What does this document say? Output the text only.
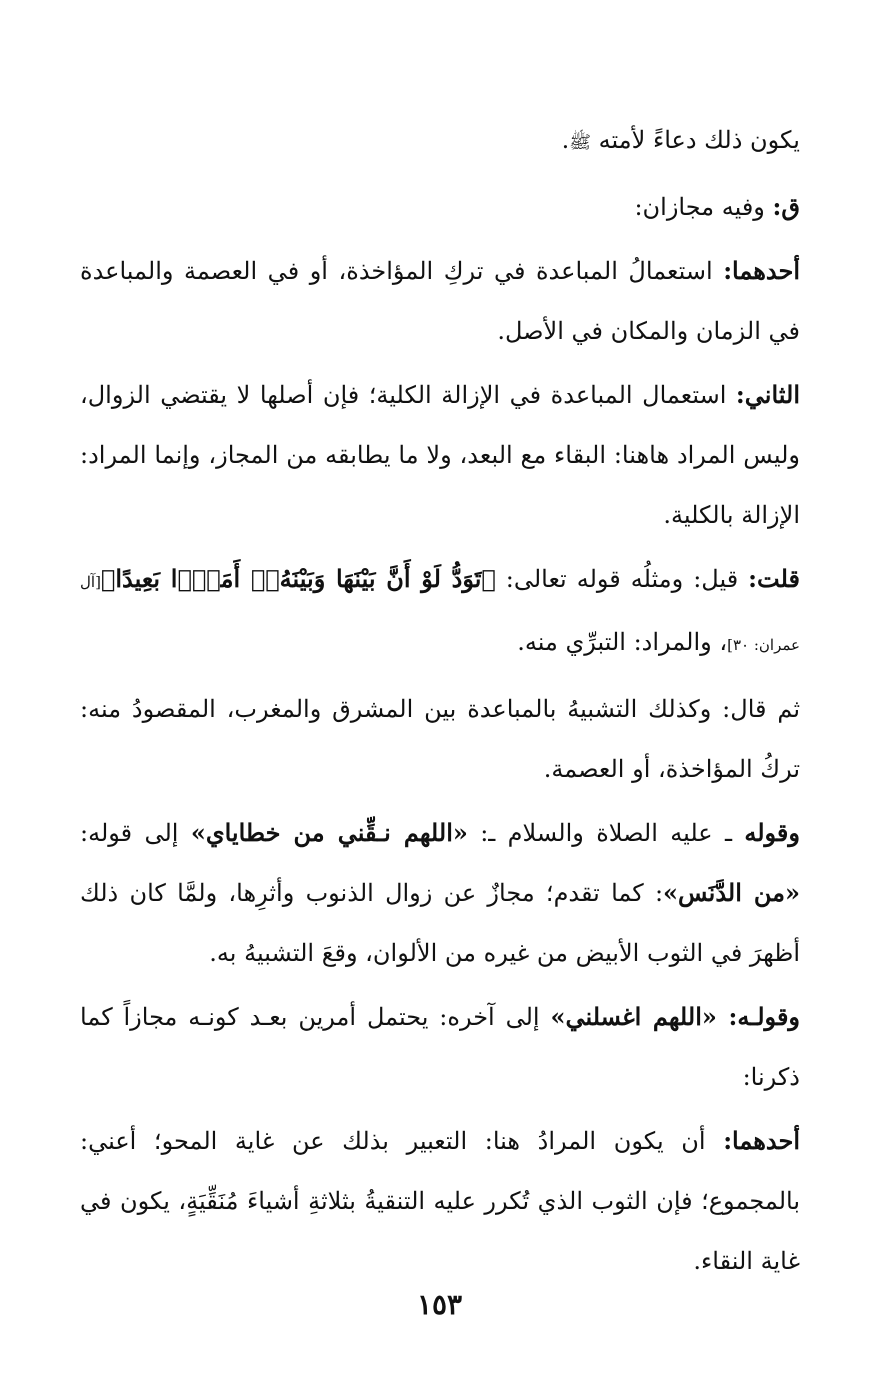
يكون ذلك دعاءً لأمته ﷺ.

ق: وفيه مجازان:

أحدهما: استعمالُ المباعدة في تركِ المؤاخذة، أو في العصمة والمباعدة في الزمان والمكان في الأصل.

الثاني: استعمال المباعدة في الإزالة الكلية؛ فإن أصلها لا يقتضي الزوال، وليس المراد هاهنا: البقاء مع البعد، ولا ما يطابقه من المجاز، وإنما المراد: الإزالة بالكلية.

قلت: قيل: ومثلُه قوله تعالى: ﴿تَوَدُّ لَوْ أَنَّ بَيْنَهَا وَبَيْنَهُۥٓ أَمَدًۢا بَعِيدًا﴾[آل عمران: ٣٠]، والمراد: التبرِّي منه.

ثم قال: وكذلك التشبيهُ بالمباعدة بين المشرق والمغرب، المقصودُ منه: تركُ المؤاخذة، أو العصمة.

وقوله ـ عليه الصلاة والسلام ـ: «اللهم نـقِّني من خطاياي» إلى قوله: «من الدَّنَس»: كما تقدم؛ مجازٌ عن زوال الذنوب وأثرِها، ولمَّا كان ذلك أظهرَ في الثوب الأبيض من غيره من الألوان، وقعَ التشبيهُ به.

وقولـه: «اللهم اغسلني» إلى آخره: يحتمل أمرين بعـد كونـه مجازاً كما ذكرنا:

أحدهما: أن يكون المرادُ هنا: التعبير بذلك عن غاية المحو؛ أعني: بالمجموع؛ فإن الثوب الذي تُكرر عليه التنقيةُ بثلاثةِ أشياءَ مُنَقِّيَةٍ، يكون في غاية النقاء.

١٥٣
